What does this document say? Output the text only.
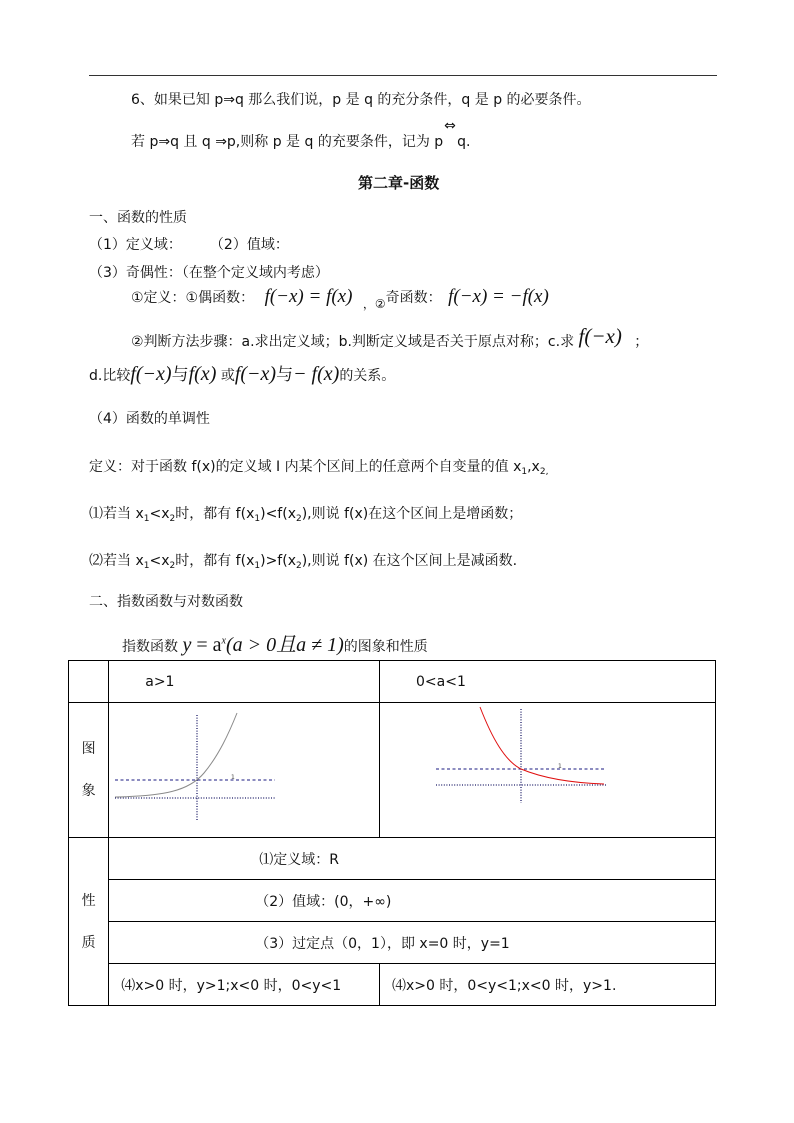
6、如果已知 p⇒q 那么我们说，p 是 q 的充分条件，q 是 p 的必要条件。
若 p⇒q 且 q ⇒p,则称 p 是 q 的充要条件，记为 p
⇔
q.
第二章-函数
一、函数的性质
（1）定义域： （2）值域：
（3）奇偶性：（在整个定义域内考虑）
①定义：①偶函数： f(−x) = f(x) ，②奇函数： f(−x) = −f(x)
②判断方法步骤：a.求出定义域；b.判断定义域是否关于原点对称；c.求 f(−x) ；
d.比较f(−x)与f(x) 或f(−x)与− f(x)的关系。
（4）函数的单调性
定义：对于函数 f(x)的定义域 I 内某个区间上的任意两个自变量的值 $x_1,x_{2,}$
⑴若当 $x_1<x_2$时，都有 $f(x_1)<f(x_2)$,则说 f(x)在这个区间上是增函数；
⑵若当 $x_1<x_2$时，都有 $f(x_1)>f(x_2)$,则说 f(x) 在这个区间上是减函数.
二、指数函数与对数函数
指数函数 $y = a^x(a > 0$且a ≠ 1)的图象和性质
	a>1	0<a<1

图
象	1	1

性
质	⑴定义域：R	
	（2）值域：(0，+∞)	
	（3）过定点（0，1），即 x=0 时，y=1	
	⑷x>0 时，y>1;x<0 时，0<y<1	⑷x>0 时，0<y<1;x<0 时，y>1.
